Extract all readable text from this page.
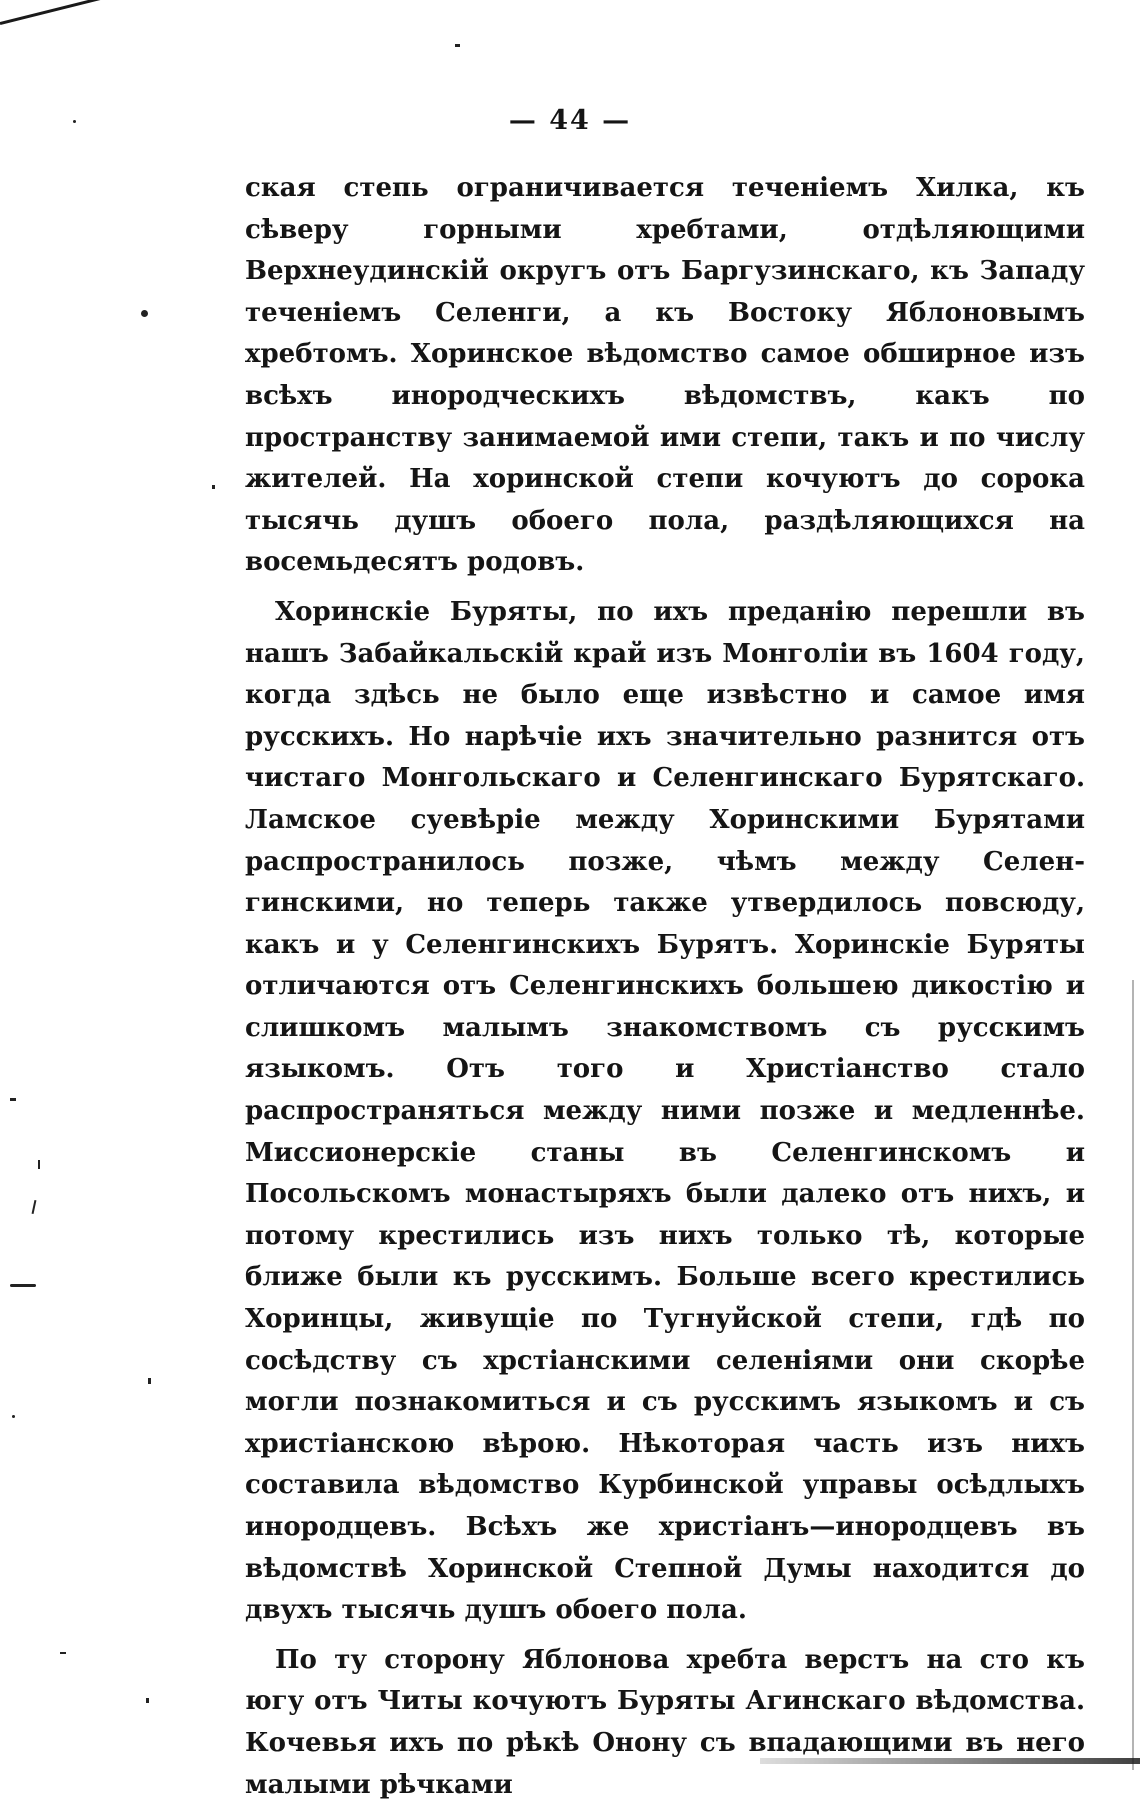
— 44 —

ская степь ограничивается теченіемъ Хилка, къ сѣверу горными хребтами, отдѣляющими Верхнеудинскій округъ отъ Баргузинскаго, къ Западу теченіемъ Селенги, а къ Востоку Яблоновымъ хребтомъ. Хоринское вѣдомство самое обширное изъ всѣхъ инородческихъ вѣдомствъ, какъ по пространству занимаемой ими степи, такъ и по числу жителей. На хоринской степи кочуютъ до сорока тысячь душъ обоего пола, раздѣляющихся на восемьдесятъ родовъ.

Хоринскіе Буряты, по ихъ преданію перешли въ нашъ Забайкальскій край изъ Монголіи въ 1604 году, когда здѣсь не было еще извѣстно и самое имя русскихъ. Но нарѣчіе ихъ значительно разнится отъ чистаго Монгольскаго и Селенгинскаго Бурятскаго. Ламское суевѣріе между Хоринскими Бурятами распространилось позже, чѣмъ между Селенгинскими, но теперь также утвердилось повсюду, какъ и у Селенгинскихъ Бурятъ. Хоринскіе Буряты отличаются отъ Селенгинскихъ большею дикостію и слишкомъ малымъ знакомствомъ съ русскимъ языкомъ. Отъ того и Христіанство стало распространяться между ними позже и медленнѣе. Миссионерскіе станы въ Селенгинскомъ и Посольскомъ монастыряхъ были далеко отъ нихъ, и потому крестились изъ нихъ только тѣ, которые ближе были къ русскимъ. Больше всего крестились Хоринцы, живущіе по Тугнуйской степи, гдѣ по сосѣдству съ хрстіанскими селеніями они скорѣе могли познакомиться и съ русскимъ языкомъ и съ христіанскою вѣрою. Нѣкоторая часть изъ нихъ составила вѣдомство Курбинской управы осѣдлыхъ инородцевъ. Всѣхъ же христіанъ—инородцевъ въ вѣдомствѣ Хоринской Степной Думы находится до двухъ тысячь душъ обоего пола.

По ту сторону Яблонова хребта верстъ на сто къ югу отъ Читы кочуютъ Буряты Агинскаго вѣдомства. Кочевья ихъ по рѣкѣ Онону съ впадающими въ него малыми рѣчками
